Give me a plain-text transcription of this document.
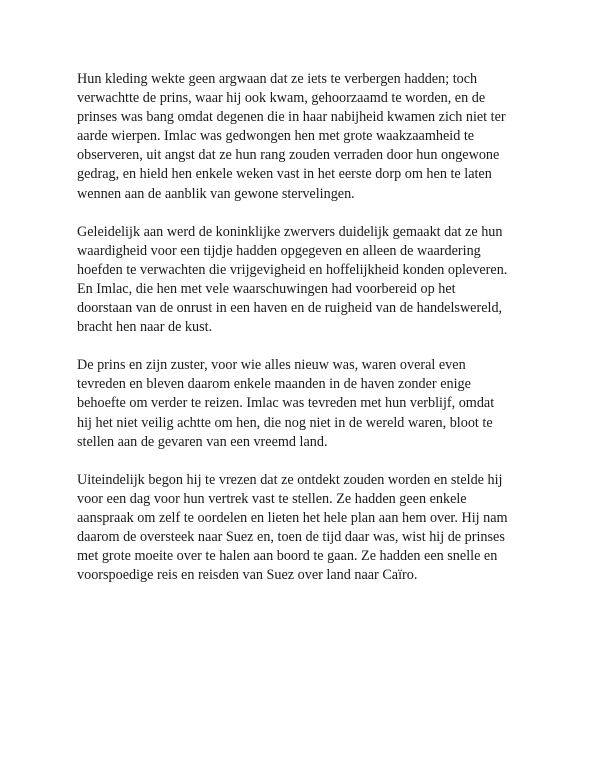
Hun kleding wekte geen argwaan dat ze iets te verbergen hadden; toch
verwachtte de prins, waar hij ook kwam, gehoorzaamd te worden, en de
prinses was bang omdat degenen die in haar nabijheid kwamen zich niet ter
aarde wierpen. Imlac was gedwongen hen met grote waakzaamheid te
observeren, uit angst dat ze hun rang zouden verraden door hun ongewone
gedrag, en hield hen enkele weken vast in het eerste dorp om hen te laten
wennen aan de aanblik van gewone stervelingen.

Geleidelijk aan werd de koninklijke zwervers duidelijk gemaakt dat ze hun
waardigheid voor een tijdje hadden opgegeven en alleen de waardering
hoefden te verwachten die vrijgevigheid en hoffelijkheid konden opleveren.
En Imlac, die hen met vele waarschuwingen had voorbereid op het
doorstaan van de onrust in een haven en de ruigheid van de handelswereld,
bracht hen naar de kust.

De prins en zijn zuster, voor wie alles nieuw was, waren overal even
tevreden en bleven daarom enkele maanden in de haven zonder enige
behoefte om verder te reizen. Imlac was tevreden met hun verblijf, omdat
hij het niet veilig achtte om hen, die nog niet in de wereld waren, bloot te
stellen aan de gevaren van een vreemd land.

Uiteindelijk begon hij te vrezen dat ze ontdekt zouden worden en stelde hij
voor een dag voor hun vertrek vast te stellen. Ze hadden geen enkele
aanspraak om zelf te oordelen en lieten het hele plan aan hem over. Hij nam
daarom de oversteek naar Suez en, toen de tijd daar was, wist hij de prinses
met grote moeite over te halen aan boord te gaan. Ze hadden een snelle en
voorspoedige reis en reisden van Suez over land naar Caïro.
